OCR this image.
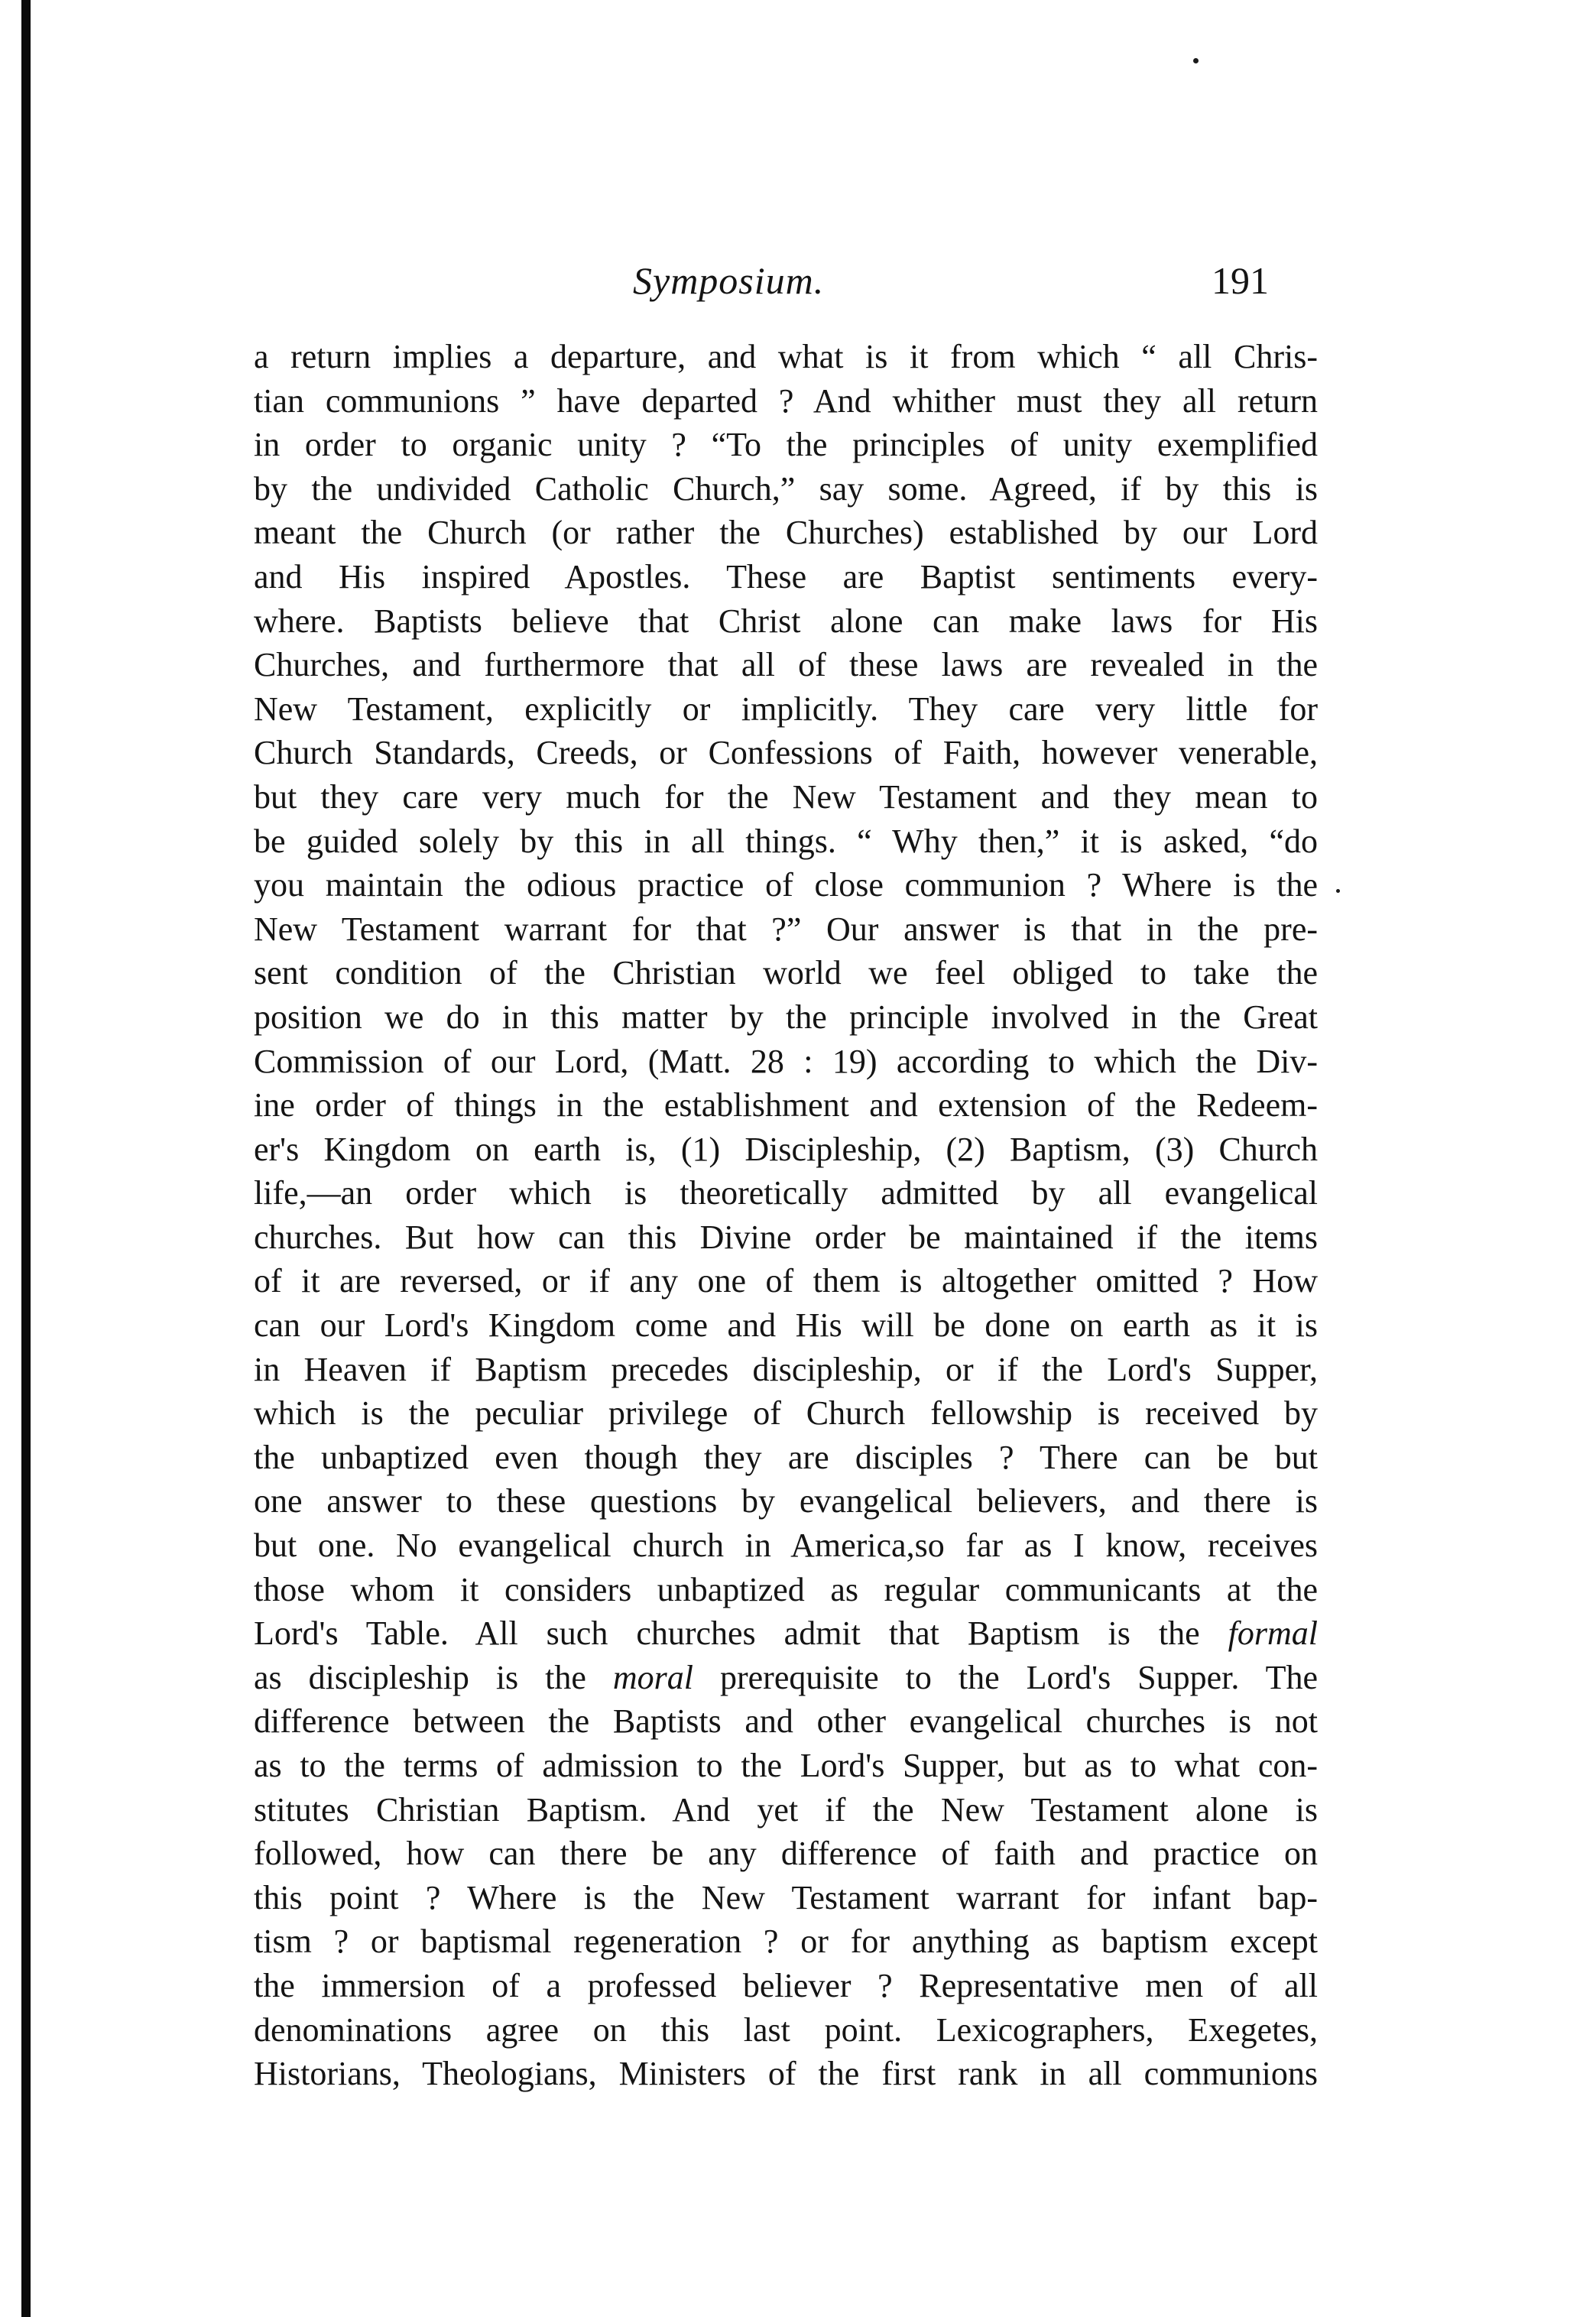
Symposium.	191
a return implies a departure, and what is it from which “ all Chris-
tian communions ” have departed ? And whither must they all return
in order to organic unity ? “To the principles of unity exemplified
by the undivided Catholic Church,” say some. Agreed, if by this is
meant the Church (or rather the Churches) established by our Lord
and His inspired Apostles. These are Baptist sentiments every-
where. Baptists believe that Christ alone can make laws for His
Churches, and furthermore that all of these laws are revealed in the
New Testament, explicitly or implicitly. They care very little for
Church Standards, Creeds, or Confessions of Faith, however venerable,
but they care very much for the New Testament and they mean to
be guided solely by this in all things. “ Why then,” it is asked, “do
you maintain the odious practice of close communion ? Where is the
New Testament warrant for that ?” Our answer is that in the pre-
sent condition of the Christian world we feel obliged to take the
position we do in this matter by the principle involved in the Great
Commission of our Lord, (Matt. 28 : 19) according to which the Div-
ine order of things in the establishment and extension of the Redeem-
er's Kingdom on earth is, (1) Discipleship, (2) Baptism, (3) Church
life,—an order which is theoretically admitted by all evangelical
churches. But how can this Divine order be maintained if the items
of it are reversed, or if any one of them is altogether omitted ? How
can our Lord's Kingdom come and His will be done on earth as it is
in Heaven if Baptism precedes discipleship, or if the Lord's Supper,
which is the peculiar privilege of Church fellowship is received by
the unbaptized even though they are disciples ? There can be but
one answer to these questions by evangelical believers, and there is
but one. No evangelical church in America,so far as I know, receives
those whom it considers unbaptized as regular communicants at the
Lord's Table. All such churches admit that Baptism is the formal
as discipleship is the moral prerequisite to the Lord's Supper. The
difference between the Baptists and other evangelical churches is not
as to the terms of admission to the Lord's Supper, but as to what con-
stitutes Christian Baptism. And yet if the New Testament alone is
followed, how can there be any difference of faith and practice on
this point ? Where is the New Testament warrant for infant bap-
tism ? or baptismal regeneration ? or for anything as baptism except
the immersion of a professed believer ? Representative men of all
denominations agree on this last point. Lexicographers, Exegetes,
Historians, Theologians, Ministers of the first rank in all communions
